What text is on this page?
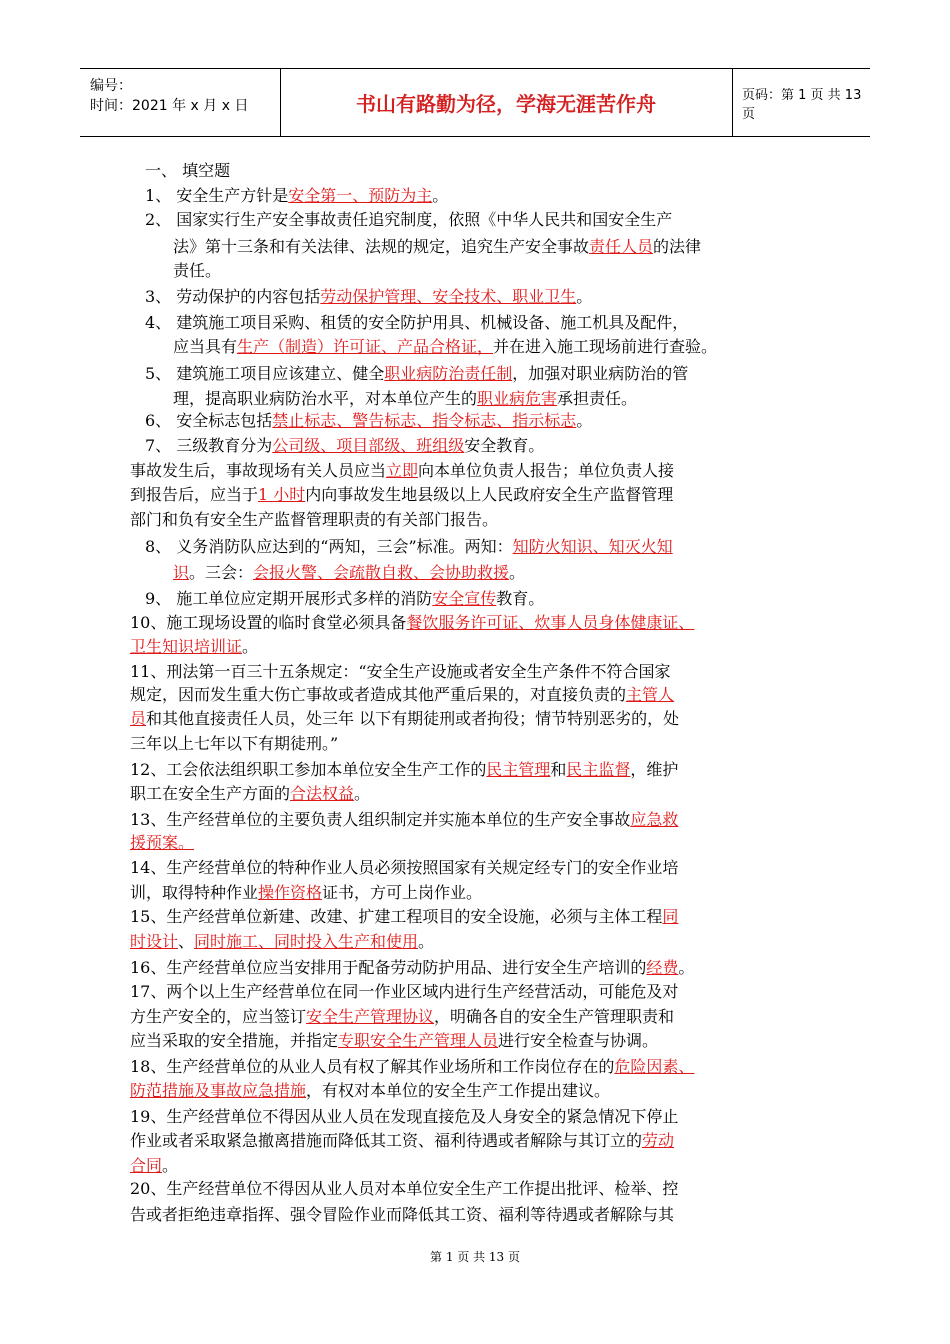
编号：
时间：2021 年 x 月 x 日	书山有路勤为径，学海无涯苦作舟	页码：第 1 页 共 13 页
一、 填空题
1、 安全生产方针是安全第一、预防为主。
2、 国家实行生产安全事故责任追究制度，依照《中华人民共和国安全生产
法》第十三条和有关法律、法规的规定，追究生产安全事故责任人员的法律
责任。
3、 劳动保护的内容包括劳动保护管理、安全技术、职业卫生。
4、 建筑施工项目采购、租赁的安全防护用具、机械设备、施工机具及配件，
应当具有生产（制造）许可证、产品合格证，并在进入施工现场前进行查验。
5、 建筑施工项目应该建立、健全职业病防治责任制，加强对职业病防治的管
理，提高职业病防治水平，对本单位产生的职业病危害承担责任。
6、 安全标志包括禁止标志、警告标志、指令标志、指示标志。
7、 三级教育分为公司级、项目部级、班组级安全教育。
事故发生后，事故现场有关人员应当立即向本单位负责人报告；单位负责人接
到报告后，应当于1 小时内向事故发生地县级以上人民政府安全生产监督管理
部门和负有安全生产监督管理职责的有关部门报告。
8、 义务消防队应达到的“两知，三会”标准。两知：知防火知识、知灭火知
识。三会：会报火警、会疏散自救、会协助救援。
9、 施工单位应定期开展形式多样的消防安全宣传教育。
10、施工现场设置的临时食堂必须具备餐饮服务许可证、炊事人员身体健康证、
卫生知识培训证。
11、刑法第一百三十五条规定：“安全生产设施或者安全生产条件不符合国家
规定，因而发生重大伤亡事故或者造成其他严重后果的，对直接负责的主管人
员和其他直接责任人员，处三年 以下有期徒刑或者拘役；情节特别恶劣的，处
三年以上七年以下有期徒刑。”
12、工会依法组织职工参加本单位安全生产工作的民主管理和民主监督，维护
职工在安全生产方面的合法权益。
13、生产经营单位的主要负责人组织制定并实施本单位的生产安全事故应急救
援预案。
14、生产经营单位的特种作业人员必须按照国家有关规定经专门的安全作业培
训，取得特种作业操作资格证书，方可上岗作业。
15、生产经营单位新建、改建、扩建工程项目的安全设施，必须与主体工程同
时设计、同时施工、同时投入生产和使用。
16、生产经营单位应当安排用于配备劳动防护用品、进行安全生产培训的经费。
17、两个以上生产经营单位在同一作业区域内进行生产经营活动，可能危及对
方生产安全的，应当签订安全生产管理协议，明确各自的安全生产管理职责和
应当采取的安全措施，并指定专职安全生产管理人员进行安全检查与协调。
18、生产经营单位的从业人员有权了解其作业场所和工作岗位存在的危险因素、
防范措施及事故应急措施，有权对本单位的安全生产工作提出建议。
19、生产经营单位不得因从业人员在发现直接危及人身安全的紧急情况下停止
作业或者采取紧急撤离措施而降低其工资、福利待遇或者解除与其订立的劳动
合同。
20、生产经营单位不得因从业人员对本单位安全生产工作提出批评、检举、控
告或者拒绝违章指挥、强令冒险作业而降低其工资、福利等待遇或者解除与其
第 1 页 共 13 页
